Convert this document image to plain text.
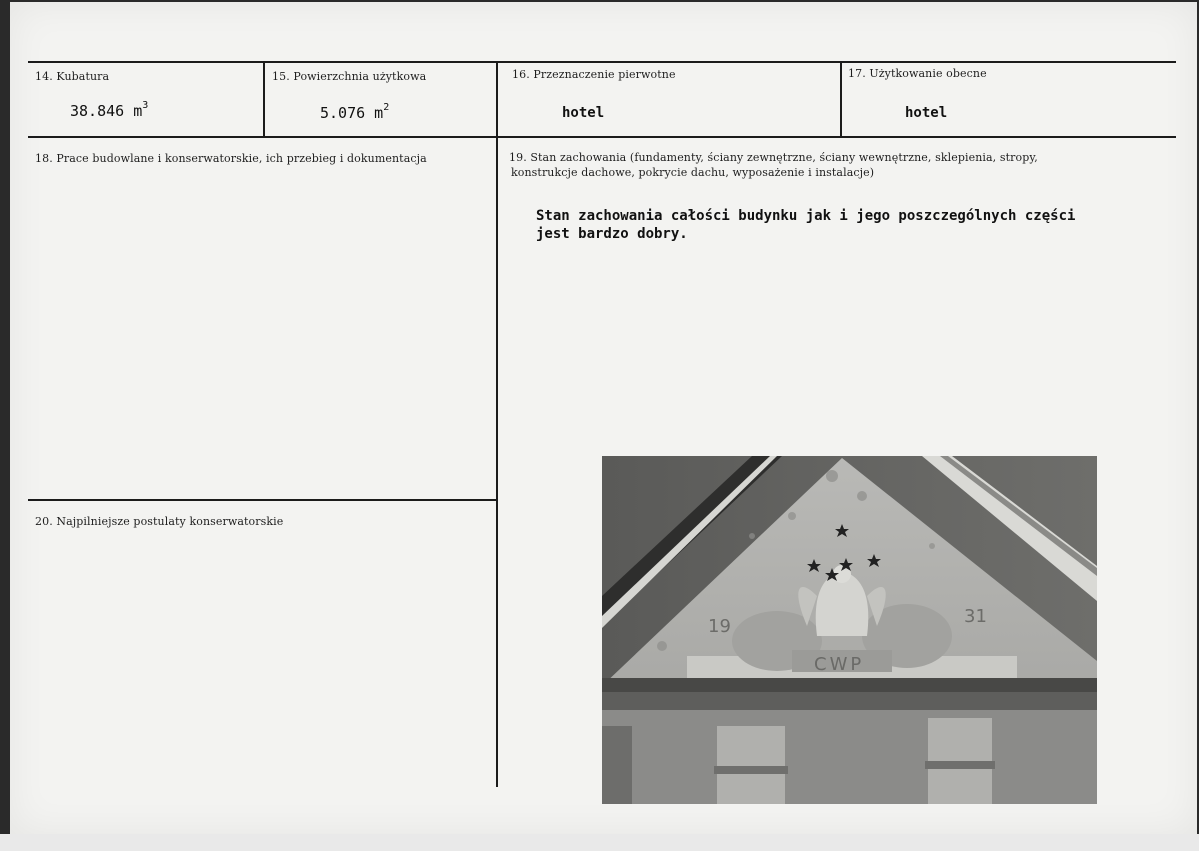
14. Kubatura
38.846 $m^3$
15. Powierzchnia użytkowa
5.076 $m^2$
16. Przeznaczenie pierwotne
hotel
17. Użytkowanie obecne
hotel
18. Prace budowlane i konserwatorskie, ich przebieg i dokumentacja	19. Stan zachowania (fundamenty, ściany zewnętrzne, ściany wewnętrzne, sklepienia, stropy,
konstrukcje dachowe, pokrycie dachu, wyposażenie i instalacje)
Stan zachowania całości budynku jak i jego poszczególnych części
jest bardzo dobry.
20. Najpilniejsze postulaty konserwatorskie
19	31
CWP
